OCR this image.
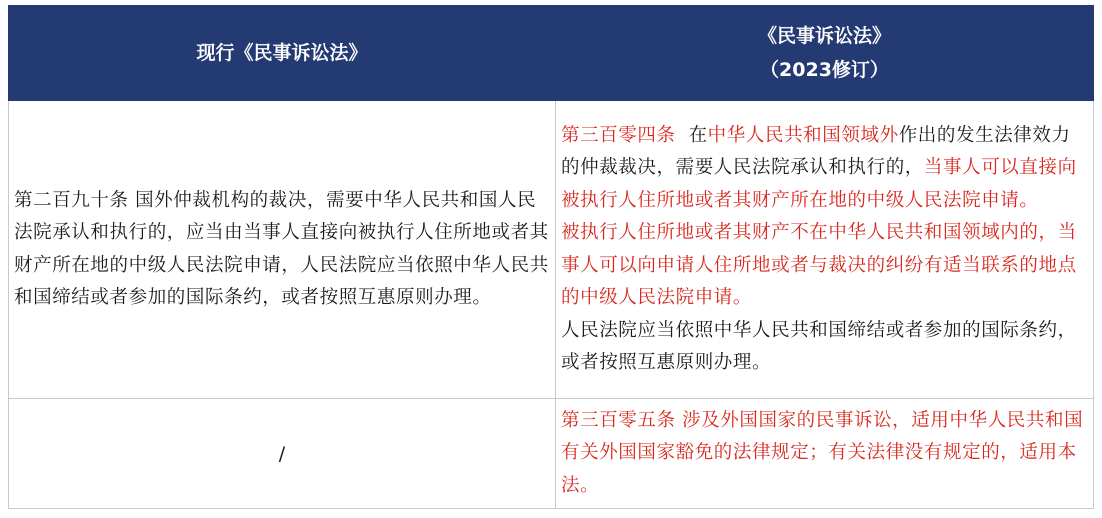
现行《民事诉讼法》	《民事诉讼法》
（2023修订）

第二百九十条 国外仲裁机构的裁决，需要中华人民共和国人民法院承认和执行的，应当由当事人直接向被执行人住所地或者其财产所在地的中级人民法院申请，人民法院应当依照中华人民共和国缔结或者参加的国际条约，或者按照互惠原则办理。	第三百零四条  在中华人民共和国领域外作出的发生法律效力的仲裁裁决，需要人民法院承认和执行的，当事人可以直接向被执行人住所地或者其财产所在地的中级人民法院申请。
被执行人住所地或者其财产不在中华人民共和国领域内的，当事人可以向申请人住所地或者与裁决的纠纷有适当联系的地点的中级人民法院申请。
人民法院应当依照中华人民共和国缔结或者参加的国际条约，或者按照互惠原则办理。

/	第三百零五条 涉及外国国家的民事诉讼，适用中华人民共和国有关外国国家豁免的法律规定；有关法律没有规定的，适用本法。
